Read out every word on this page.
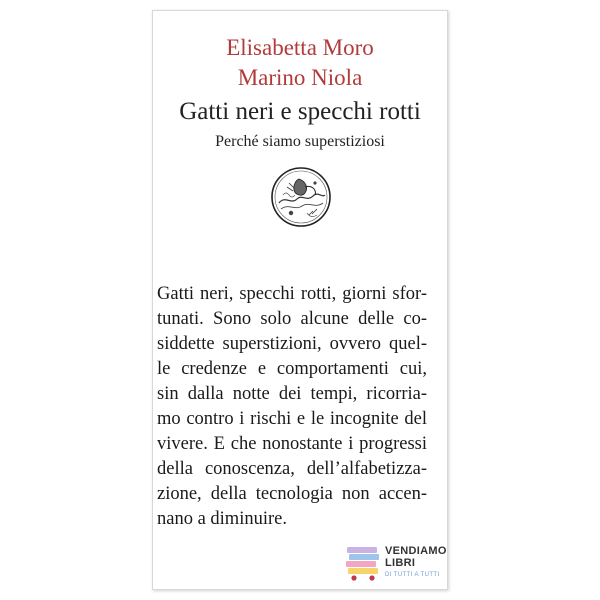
Elisabetta Moro
Marino Niola
Gatti neri e specchi rotti
Perché siamo superstiziosi
Gatti neri, specchi rotti, giorni sfor-
tunati. Sono solo alcune delle co-
siddette superstizioni, ovvero quel-
le credenze e comportamenti cui,
sin dalla notte dei tempi, ricorria-
mo contro i rischi e le incognite del
vivere. E che nonostante i progressi
della conoscenza, dell’alfabetizza-
zione, della tecnologia non accen-
nano a diminuire.
VENDIAMO
LIBRI
DI TUTTI A TUTTI
